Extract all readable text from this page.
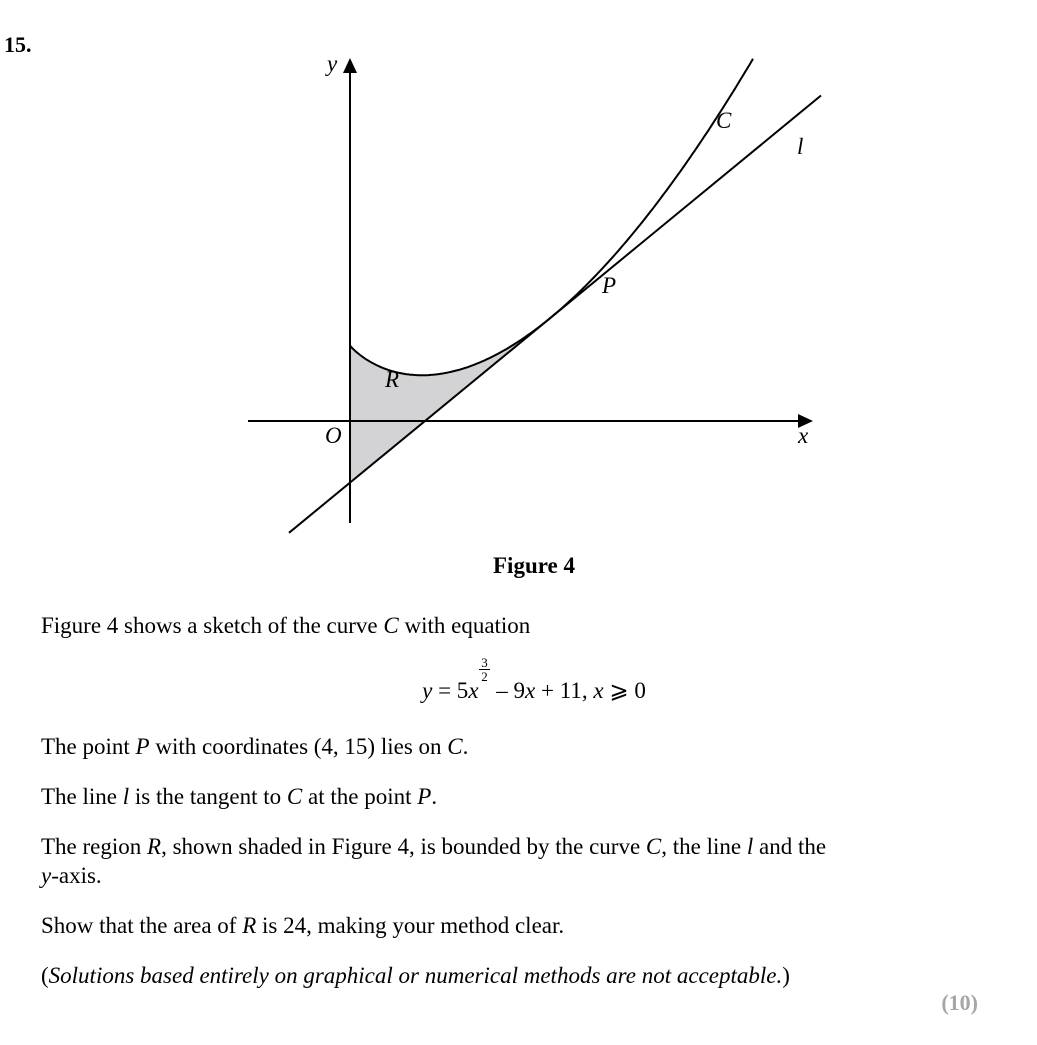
15.
y
x
O
C
l
P
R
Figure 4
Figure 4 shows a sketch of the curve C with equation
y = 5x
$\frac{3}{2}$
– 9x + 11, x ⩾ 0
The point P with coordinates (4, 15) lies on C.
The line l is the tangent to C at the point P.
The region R, shown shaded in Figure 4, is bounded by the curve C, the line l and the
y-axis.
Show that the area of R is 24, making your method clear.
(Solutions based entirely on graphical or numerical methods are not acceptable.)
(10)
